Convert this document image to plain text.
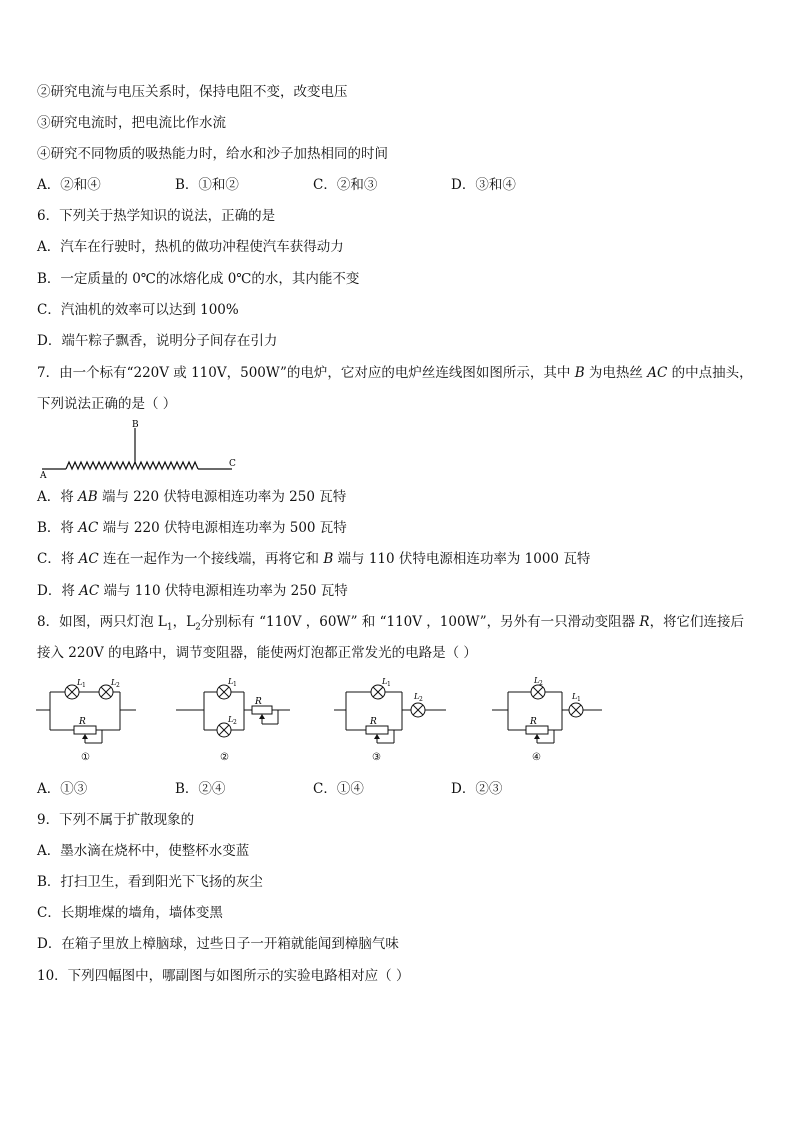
②研究电流与电压关系时，保持电阻不变，改变电压
③研究电流时，把电流比作水流
④研究不同物质的吸热能力时，给水和沙子加热相同的时间
A．②和④	B．①和②	C．②和③	D．③和④
6．下列关于热学知识的说法，正确的是
A．汽车在行驶时，热机的做功冲程使汽车获得动力
B．一定质量的 0℃的冰熔化成 0℃的水，其内能不变
C．汽油机的效率可以达到 100%
D．端午粽子飘香，说明分子间存在引力
7．由一个标有“220V 或 110V，500W”的电炉，它对应的电炉丝连线图如图所示，其中 B 为电热丝 AC 的中点抽头，
下列说法正确的是（ ）
A
B
C
A．将 AB 端与 220 伏特电源相连功率为 250 瓦特
B．将 AC 端与 220 伏特电源相连功率为 500 瓦特
C．将 AC 连在一起作为一个接线端，再将它和 B 端与 110 伏特电源相连功率为 1000 瓦特
D．将 AC 端与 110 伏特电源相连功率为 250 瓦特
8．如图，两只灯泡 $L_1$，$L_2$分别标有 “110V ，60W” 和 “110V ，100W”，另外有一只滑动变阻器 R，将它们连接后
接入 220V 的电路中，调节变阻器，能使两灯泡都正常发光的电路是（ ）
R
L 1	L 2
①
R
L 1
L 2
②
R
L 1
L 2
③
R
L 2
L 1
④
A．①③	B．②④	C．①④	D．②③
9．下列不属于扩散现象的
A．墨水滴在烧杯中，使整杯水变蓝
B．打扫卫生，看到阳光下飞扬的灰尘
C．长期堆煤的墙角，墙体变黑
D．在箱子里放上樟脑球，过些日子一开箱就能闻到樟脑气味
10．下列四幅图中，哪副图与如图所示的实验电路相对应（ ）
